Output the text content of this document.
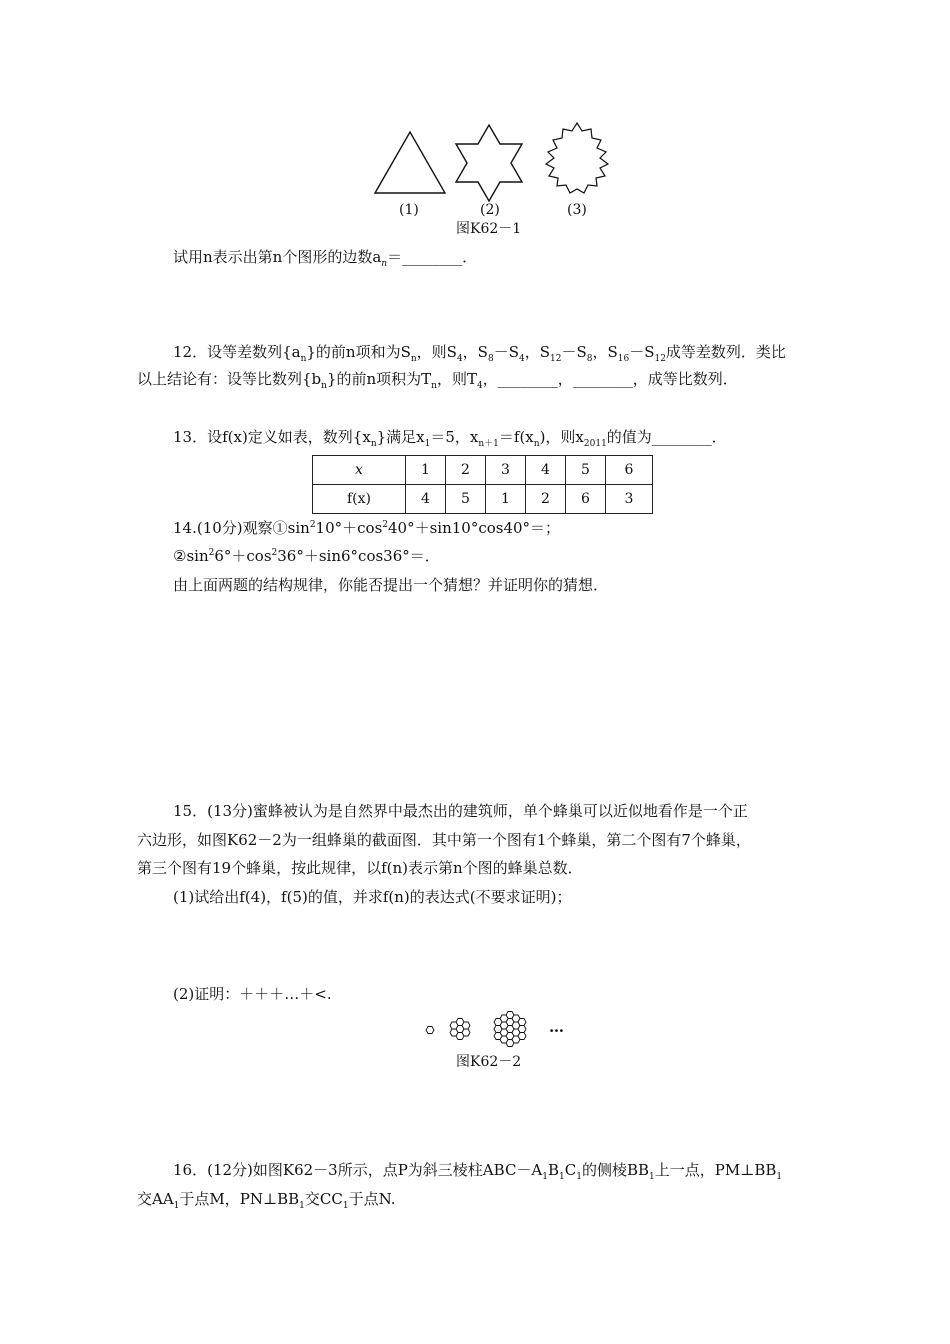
(1)	(2)	(3)
图K62－1
试用n表示出第n个图形的边数$a_n=\_\_\_\_\_\_\_\_$．
12．设等差数列$\{a_n\}$的前n项和为$S_n$，则$S_4$，$S_8-S_4$，$S_{12}-S_8$，$S_{16}-S_{12}$成等差数列．类比
以上结论有：设等比数列$\{b_n\}$的前n项积为$T_n$，则$T_4$，________，________，成等比数列．
13．设f(x)定义如表，数列$\{x_n\}$满足$x_1=5$，$x_{n+1}=f(x_n)$，则$x_{2011}$的值为________．
x	1	2	3	4	5	6
f(x)	4	5	1	2	6	3
14.(10分)观察$①\sin^210^\circ+\cos^240^\circ+\sin 10^\circ\cos 40^\circ=$；
$②\sin^26^\circ+\cos^236^\circ+\sin 6^\circ\cos 36^\circ=$．
由上面两题的结构规律，你能否提出一个猜想？并证明你的猜想．
15．(13分)蜜蜂被认为是自然界中最杰出的建筑师，单个蜂巢可以近似地看作是一个正
六边形，如图K62－2为一组蜂巢的截面图．其中第一个图有1个蜂巢，第二个图有7个蜂巢，
第三个图有19个蜂巢，按此规律，以f(n)表示第n个图的蜂巢总数．
(1)试给出f(4)，f(5)的值，并求f(n)的表达式(不要求证明)；
(2)证明：＋＋＋…＋<.
…
图K62－2
16．(12分)如图K62－3所示，点P为斜三棱柱$ABC-A_1B_1C_1$的侧棱$BB_1$上一点，$PM\perp BB_1$
交$AA_1$于点M，$PN\perp BB_1$交$CC_1$于点N.
